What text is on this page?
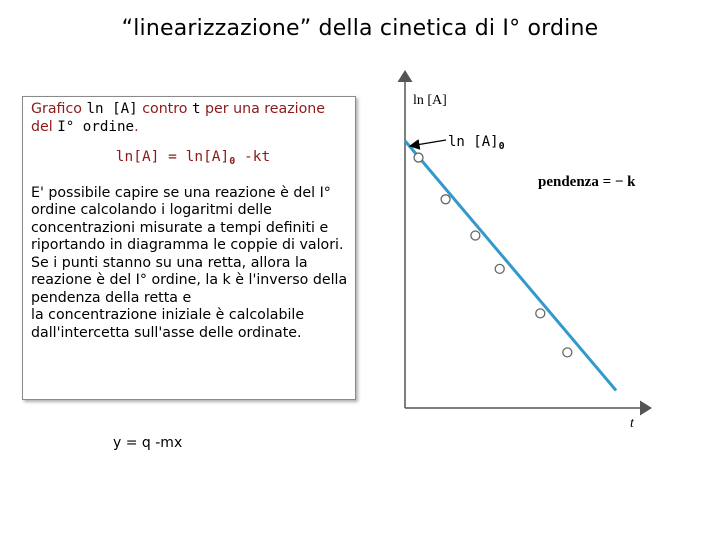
“linearizzazione” della cinetica di I° ordine
Grafico ln [A] contro t per una reazione del I° ordine.
$\ln[A] = \ln[A]_0$ -kt

E' possibile capire se una reazione è del I° ordine calcolando i logaritmi delle concentrazioni misurate a tempi definiti e riportando in diagramma le coppie di valori.

Se i punti stanno su una retta, allora la reazione è del I° ordine, la k è l'inverso della pendenza della retta e

la concentrazione iniziale è calcolabile dall'intercetta sull'asse delle ordinate.

y = q -mx
$\ln [A]_0$
ln [A]
t
pendenza = − k
